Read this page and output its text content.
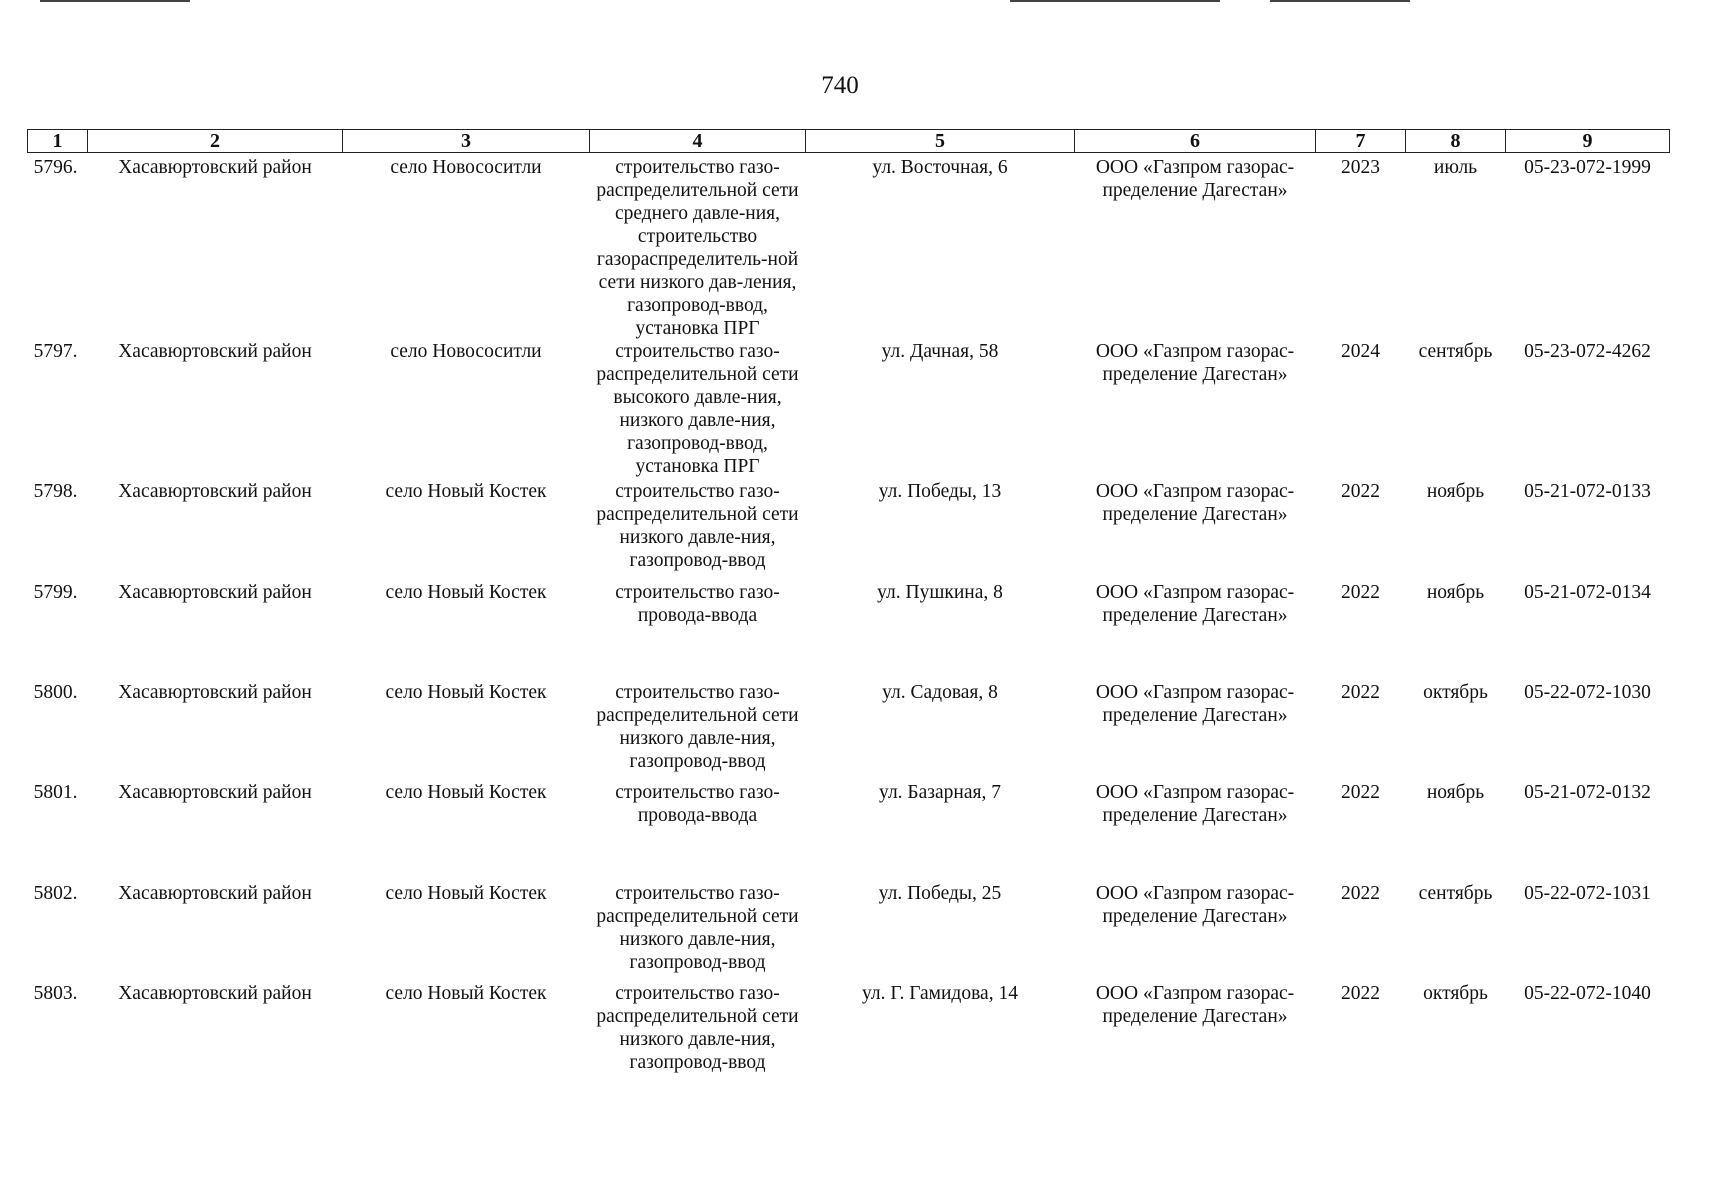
740
1	2	3	4	5	6	7	8	9
5796.	Хасавюртовский район	село Новососитли	строительство газо-распределительной сети среднего давле-ния, строительство газораспределитель-ной сети низкого дав-ления, газопровод-ввод, установка ПРГ	ул. Восточная, 6	ООО «Газпром газорас-пределение Дагестан»	2023	июль	05-23-072-1999
5797.	Хасавюртовский район	село Новососитли	строительство газо-распределительной сети высокого давле-ния, низкого давле-ния, газопровод-ввод, установка ПРГ	ул. Дачная, 58	ООО «Газпром газорас-пределение Дагестан»	2024	сентябрь	05-23-072-4262
5798.	Хасавюртовский район	село Новый Костек	строительство газо-распределительной сети низкого давле-ния, газопровод-ввод	ул. Победы, 13	ООО «Газпром газорас-пределение Дагестан»	2022	ноябрь	05-21-072-0133
5799.	Хасавюртовский район	село Новый Костек	строительство газо-провода-ввода	ул. Пушкина, 8	ООО «Газпром газорас-пределение Дагестан»	2022	ноябрь	05-21-072-0134
5800.	Хасавюртовский район	село Новый Костек	строительство газо-распределительной сети низкого давле-ния, газопровод-ввод	ул. Садовая, 8	ООО «Газпром газорас-пределение Дагестан»	2022	октябрь	05-22-072-1030
5801.	Хасавюртовский район	село Новый Костек	строительство газо-провода-ввода	ул. Базарная, 7	ООО «Газпром газорас-пределение Дагестан»	2022	ноябрь	05-21-072-0132
5802.	Хасавюртовский район	село Новый Костек	строительство газо-распределительной сети низкого давле-ния, газопровод-ввод	ул. Победы, 25	ООО «Газпром газорас-пределение Дагестан»	2022	сентябрь	05-22-072-1031
5803.	Хасавюртовский район	село Новый Костек	строительство газо-распределительной сети низкого давле-ния, газопровод-ввод	ул. Г. Гамидова, 14	ООО «Газпром газорас-пределение Дагестан»	2022	октябрь	05-22-072-1040
